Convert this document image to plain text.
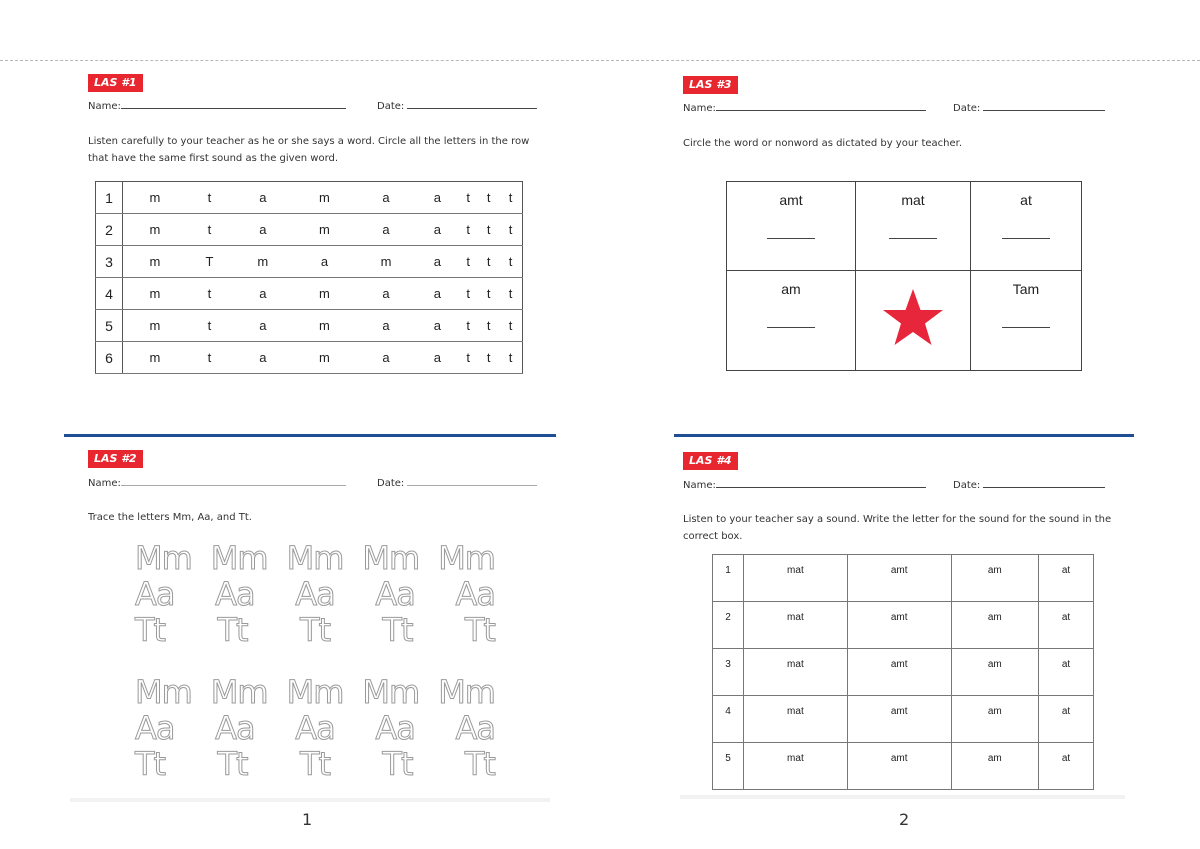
LAS #1
Name:	Date:
Listen carefully to your teacher as he or she says a word. Circle all the letters in the row
that have the same first sound as the given word.
1	m	t	a	m	a	a	t	t	t
2	m	t	a	m	a	a	t	t	t
3	m	T	m	a	m	a	t	t	t
4	m	t	a	m	a	a	t	t	t
5	m	t	a	m	a	a	t	t	t
6	m	t	a	m	a	a	t	t	t
LAS #2
Name:	Date:
Trace the letters Mm, Aa, and Tt.
Mm Mm Mm Mm Mm
Aa Aa Aa Aa Aa
Tt Tt Tt Tt Tt
Mm Mm Mm Mm Mm
Aa Aa Aa Aa Aa
Tt Tt Tt Tt Tt
1
LAS #3
Name:	Date:
Circle the word or nonword as dictated by your teacher.
amt	mat	at

am		Tam
LAS #4
Name:	Date:
Listen to your teacher say a sound. Write the letter for the sound for the sound in the
correct box.
1	mat	amt	am	at
2	mat	amt	am	at
3	mat	amt	am	at
4	mat	amt	am	at
5	mat	amt	am	at
2
